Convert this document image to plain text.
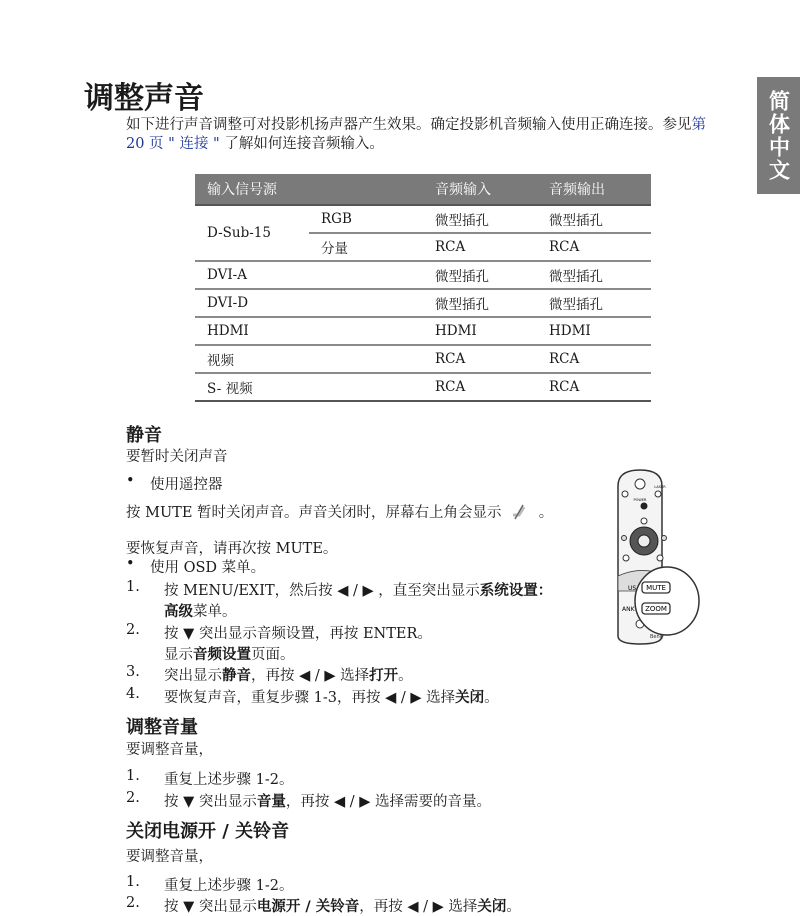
简体中文
调整声音
如下进行声音调整可对投影机扬声器产生效果。确定投影机音频输入使用正确连接。参见第 20 页 " 连接 " 了解如何连接音频输入。
输入信号源		音频输入	音频输出
D-Sub-15	RGB	微型插孔	微型插孔
	分量	RCA	RCA
DVI-A		微型插孔	微型插孔
DVI-D		微型插孔	微型插孔
HDMI		HDMI	HDMI
视频		RCA	RCA
S- 视频		RCA	RCA
静音
要暂时关闭声音
• 使用遥控器
按 MUTE 暂时关闭声音。声音关闭时，屏幕右上角会显示	。
要恢复声音，请再次按 MUTE。
• 使用 OSD 菜单。
1. 按 MENU/EXIT，然后按 ◀ / ▶ ，直至突出显示系统设置：
高级菜单。
2. 按 ▼ 突出显示音频设置，再按 ENTER。
显示音频设置页面。
3. 突出显示静音，再按 ◀ / ▶ 选择打开。
4. 要恢复声音，重复步骤 1-3，再按 ◀ / ▶ 选择关闭。
POWER
LASER
BenQ
MUTE
ZOOM
US
ANK
调整音量
要调整音量，
1. 重复上述步骤 1-2。
2. 按 ▼ 突出显示音量，再按 ◀ / ▶ 选择需要的音量。
关闭电源开 / 关铃音
要调整音量，
1. 重复上述步骤 1-2。
2. 按 ▼ 突出显示电源开 / 关铃音，再按 ◀ / ▶ 选择关闭。
